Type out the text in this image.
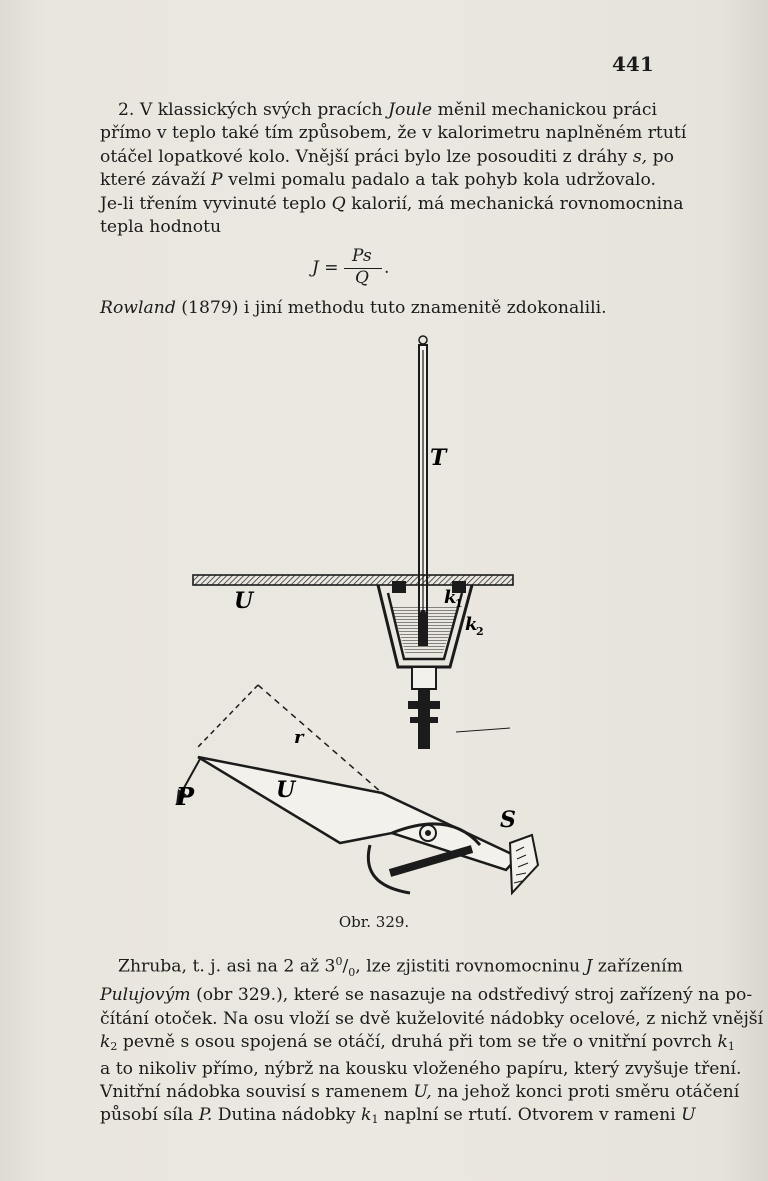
441
2. V klassických svých pracích Joule měnil mechanickou práci
přímo v teplo také tím způsobem, že v kalorimetru naplněném rtutí
otáčel lopatkové kolo. Vnější práci bylo lze posouditi z dráhy s, po
které závaží P velmi pomalu padalo a tak pohyb kola udržovalo.
Je-li třením vyvinuté teplo Q kalorií, má mechanická rovnomocnina
tepla hodnotu
J =
Ps
Q .
Rowland (1879) i jiní methodu tuto znamenitě zdokonalili.
T
U	k
1
k
2
r
P	U
S
Obr. 329.
Zhruba, t. j. asi na 2 až $3^0/_0$, lze zjistiti rovnomocninu J zařízením
Pulujovým (obr 329.), které se nasazuje na odstředivý stroj zařízený na po-
čítání otoček. Na osu vloží se dvě kuželovité nádobky ocelové, z nichž vnější
$k_2$ pevně s osou spojená se otáčí, druhá při tom se tře o vnitřní povrch $k_1$
a to nikoliv přímo, nýbrž na kousku vloženého papíru, který zvyšuje tření.
Vnitřní nádobka souvisí s ramenem U, na jehož konci proti směru otáčení
působí síla P. Dutina nádobky $k_1$ naplní se rtutí. Otvorem v rameni U
